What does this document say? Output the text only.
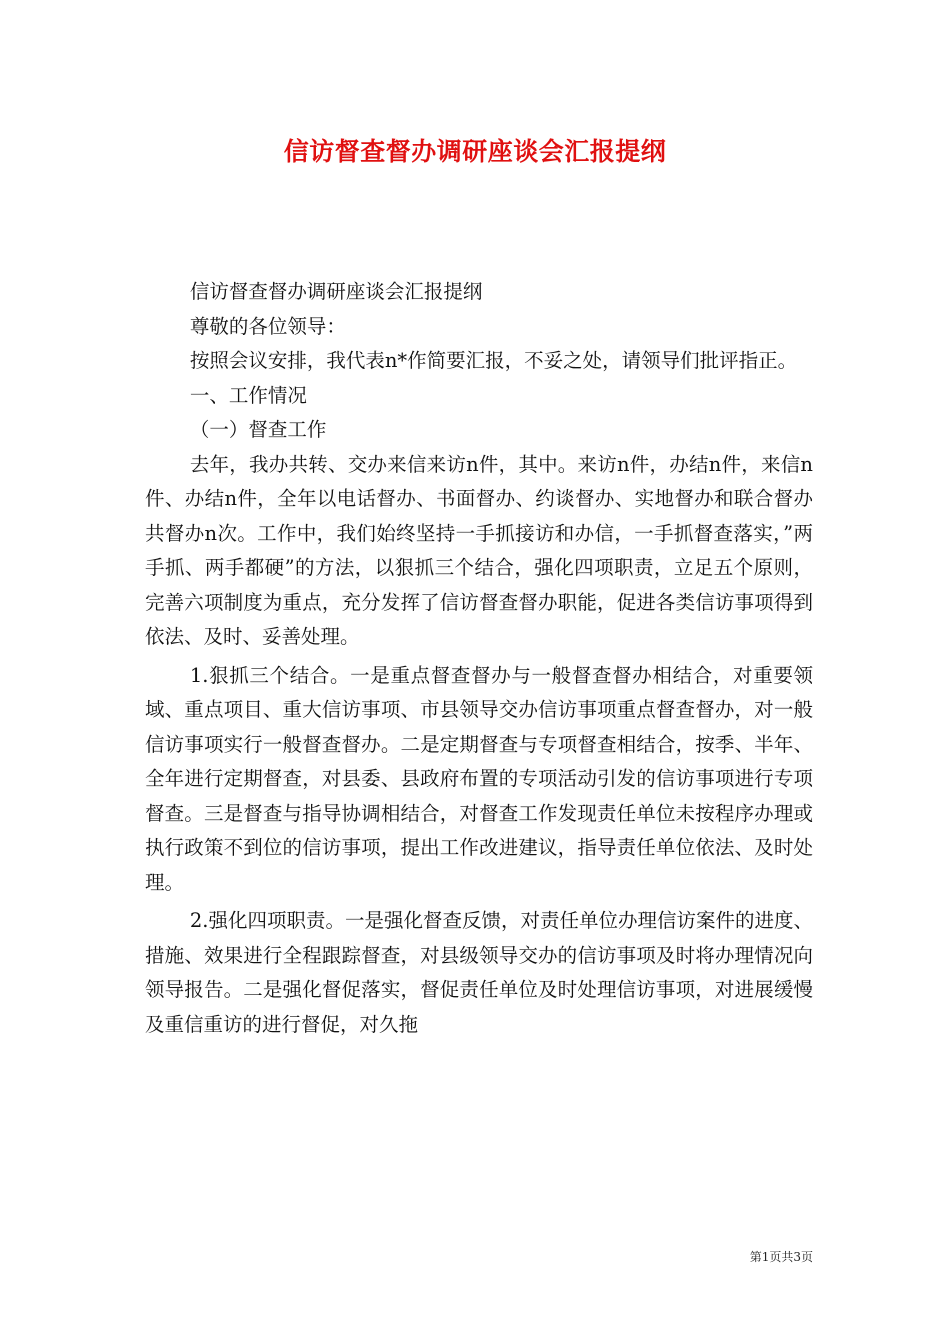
信访督查督办调研座谈会汇报提纲

信访督查督办调研座谈会汇报提纲

尊敬的各位领导：

按照会议安排，我代表n*作简要汇报，不妥之处，请领导们批评指正。

一、工作情况

（一）督查工作

去年，我办共转、交办来信来访n件，其中。来访n件，办结n件，来信n件、办结n件，全年以电话督办、书面督办、约谈督办、实地督办和联合督办共督办n次。工作中，我们始终坚持一手抓接访和办信，一手抓督查落实，”两手抓、两手都硬”的方法，以狠抓三个结合，强化四项职责，立足五个原则，完善六项制度为重点，充分发挥了信访督查督办职能，促进各类信访事项得到依法、及时、妥善处理。

1.狠抓三个结合。一是重点督查督办与一般督查督办相结合，对重要领域、重点项目、重大信访事项、市县领导交办信访事项重点督查督办，对一般信访事项实行一般督查督办。二是定期督查与专项督查相结合，按季、半年、全年进行定期督查，对县委、县政府布置的专项活动引发的信访事项进行专项督查。三是督查与指导协调相结合，对督查工作发现责任单位未按程序办理或执行政策不到位的信访事项，提出工作改进建议，指导责任单位依法、及时处理。

2.强化四项职责。一是强化督查反馈，对责任单位办理信访案件的进度、措施、效果进行全程跟踪督查，对县级领导交办的信访事项及时将办理情况向领导报告。二是强化督促落实，督促责任单位及时处理信访事项，对进展缓慢及重信重访的进行督促，对久拖

第1页共3页
